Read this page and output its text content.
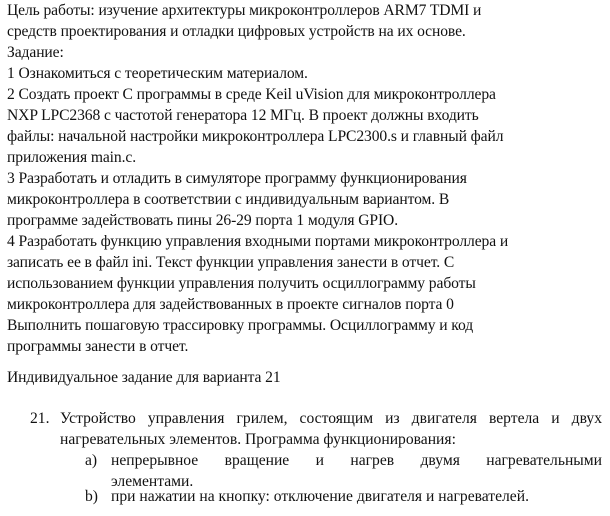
Цель работы: изучение архитектуры микроконтроллеров ARM7 TDMI и
средств проектирования и отладки цифровых устройств на их основе.
Задание:
1 Ознакомиться с теоретическим материалом.
2 Создать проект С программы в среде Keil uVision для микроконтроллера
NXP LPC2368 с частотой генератора 12 МГц. В проект должны входить
файлы: начальной настройки микроконтроллера LPC2300.s и главный файл
приложения main.c.
3 Разработать и отладить в симуляторе программу функционирования
микроконтроллера в соответствии с индивидуальным вариантом. В
программе задействовать пины 26-29 порта 1 модуля GPIO.
4 Разработать функцию управления входными портами микроконтроллера и
записать ее в файл ini. Текст функции управления занести в отчет. С
использованием функции управления получить осциллограмму работы
микроконтроллера для задействованных в проекте сигналов порта 0
Выполнить пошаговую трассировку программы. Осциллограмму и код
программы занести в отчет.
Индивидуальное задание для варианта 21
21. Устройство управления грилем, состоящим из двигателя вертела и двух
нагревательных элементов. Программа функционирования:
a) непрерывное вращение и нагрев двумя нагревательными
элементами.
b) при нажатии на кнопку: отключение двигателя и нагревателей.
